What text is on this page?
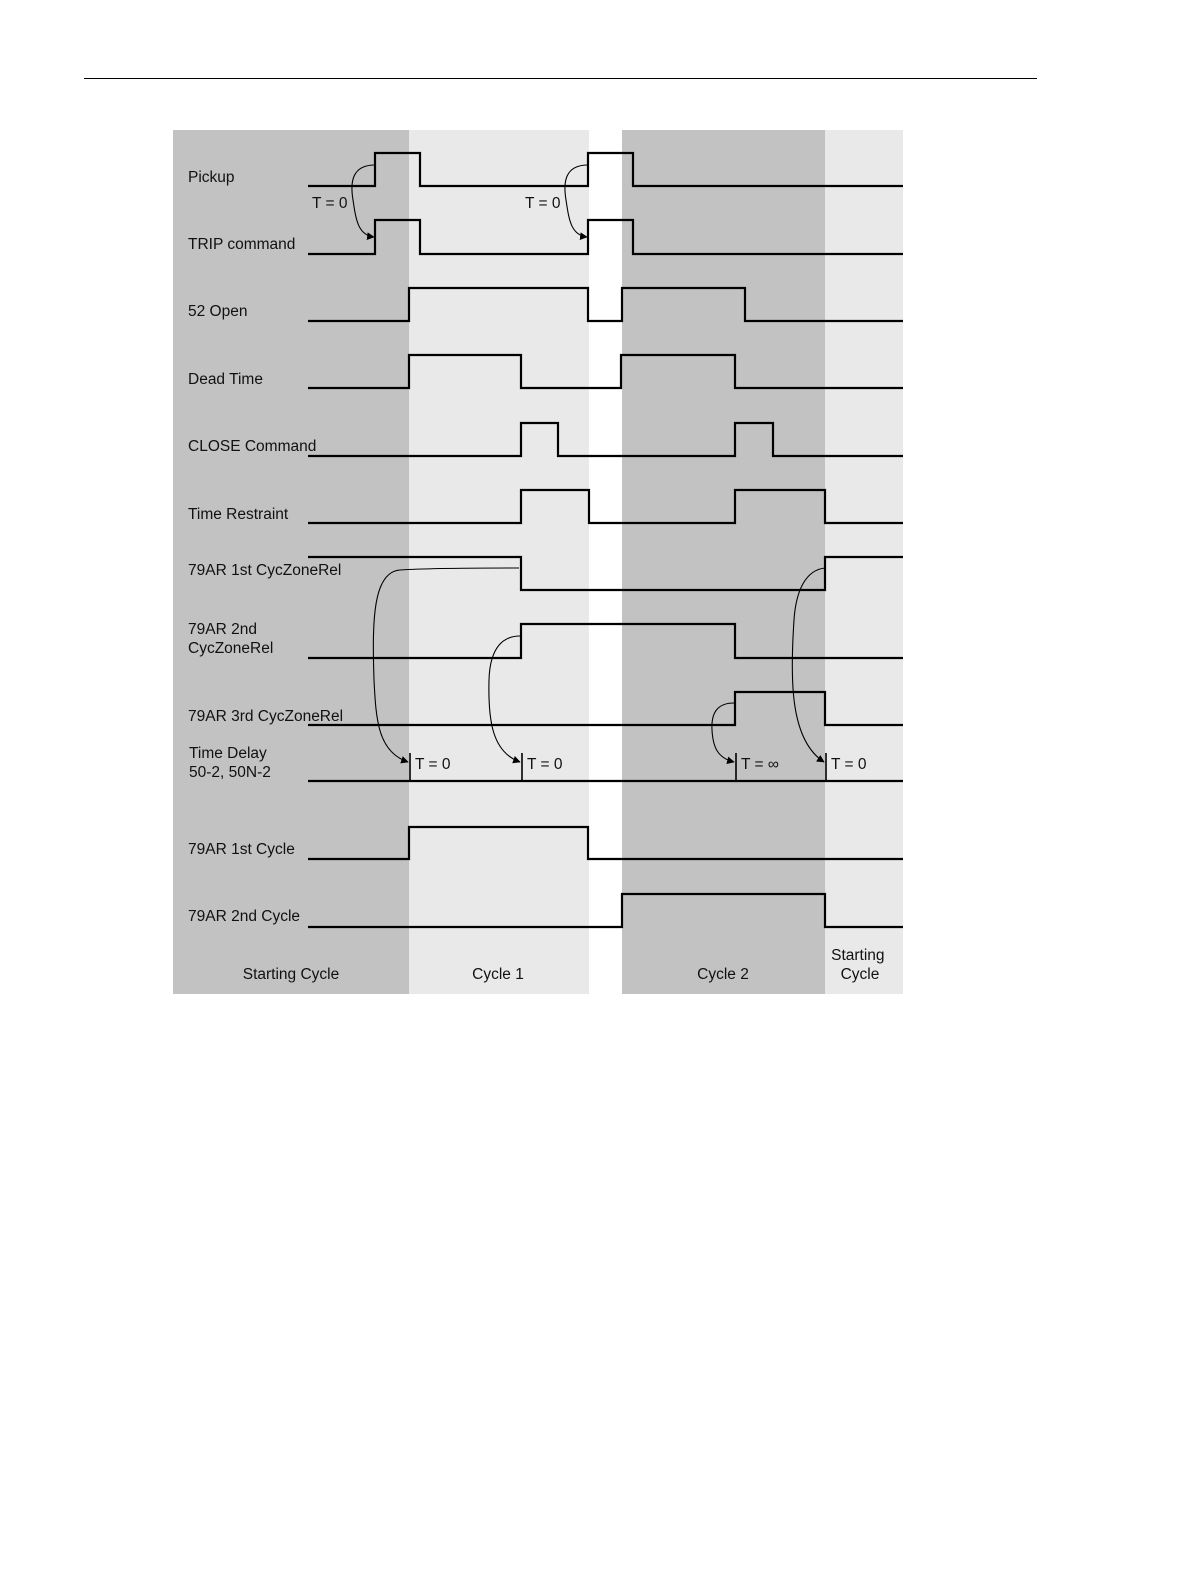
Pickup
TRIP command
52 Open
Dead Time
CLOSE Command
Time Restraint
79AR 1st CycZoneRel
79AR 2nd CycZoneRel
79AR 3rd CycZoneRel
Time Delay 50-2, 50N-2
79AR 1st Cycle
79AR 2nd Cycle
T = 0	T = 0
T = 0	T = 0	T = ∞	T = 0
Starting Cycle	Cycle 1	Cycle 2
Starting Cycle
